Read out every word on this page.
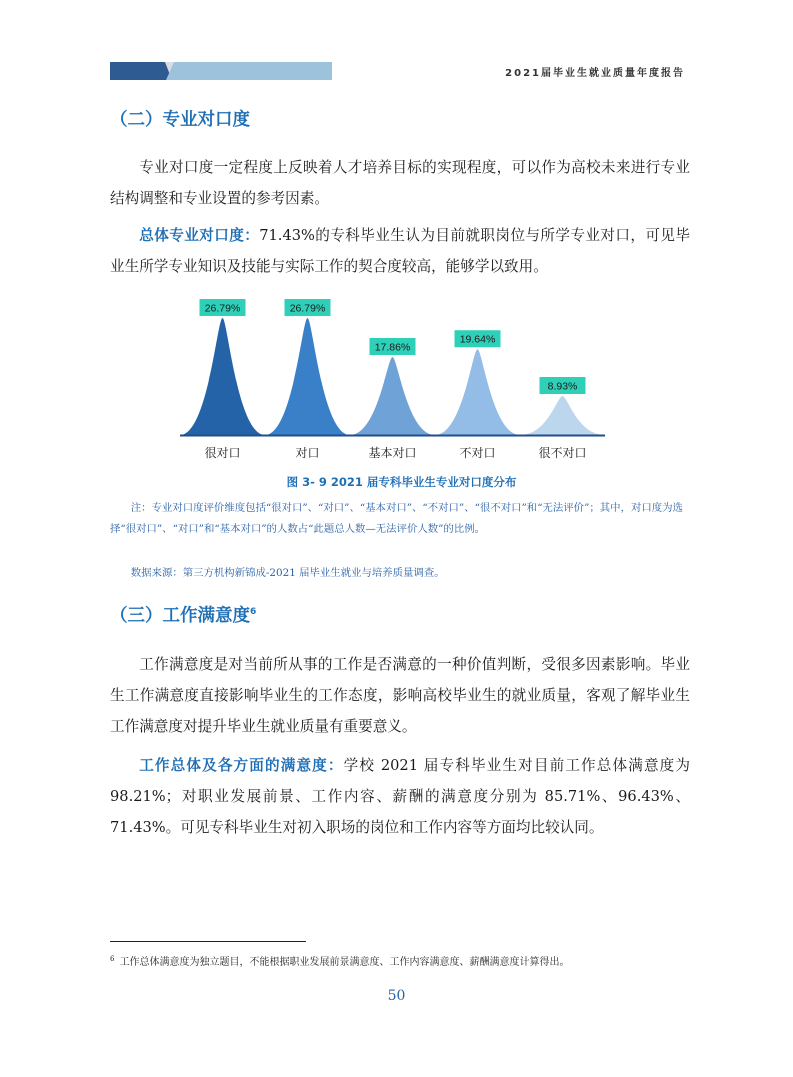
2021届毕业生就业质量年度报告
（二）专业对口度

专业对口度一定程度上反映着人才培养目标的实现程度，可以作为高校未来进行专业结构调整和专业设置的参考因素。

总体专业对口度：71.43%的专科毕业生认为目前就职岗位与所学专业对口，可见毕业生所学专业知识及技能与实际工作的契合度较高，能够学以致用。

26.79%
很对口
26.79%
对口
17.86%
基本对口
19.64%
不对口
8.93%
很不对口
图 3- 9 2021 届专科毕业生专业对口度分布

注：专业对口度评价维度包括“很对口”、“对口”、“基本对口”、“不对口”、“很不对口”和“无法评价”；其中，对口度为选择“很对口”、“对口”和“基本对口”的人数占“此题总人数—无法评价人数”的比例。

数据来源：第三方机构新锦成-2021 届毕业生就业与培养质量调查。

（三）工作满意度$^6$

工作满意度是对当前所从事的工作是否满意的一种价值判断，受很多因素影响。毕业生工作满意度直接影响毕业生的工作态度，影响高校毕业生的就业质量，客观了解毕业生工作满意度对提升毕业生就业质量有重要意义。

工作总体及各方面的满意度：学校 2021 届专科毕业生对目前工作总体满意度为 98.21%；对职业发展前景、工作内容、薪酬的满意度分别为 85.71%、96.43%、71.43%。可见专科毕业生对初入职场的岗位和工作内容等方面均比较认同。

$^6$ 工作总体满意度为独立题目，不能根据职业发展前景满意度、工作内容满意度、薪酬满意度计算得出。
50
